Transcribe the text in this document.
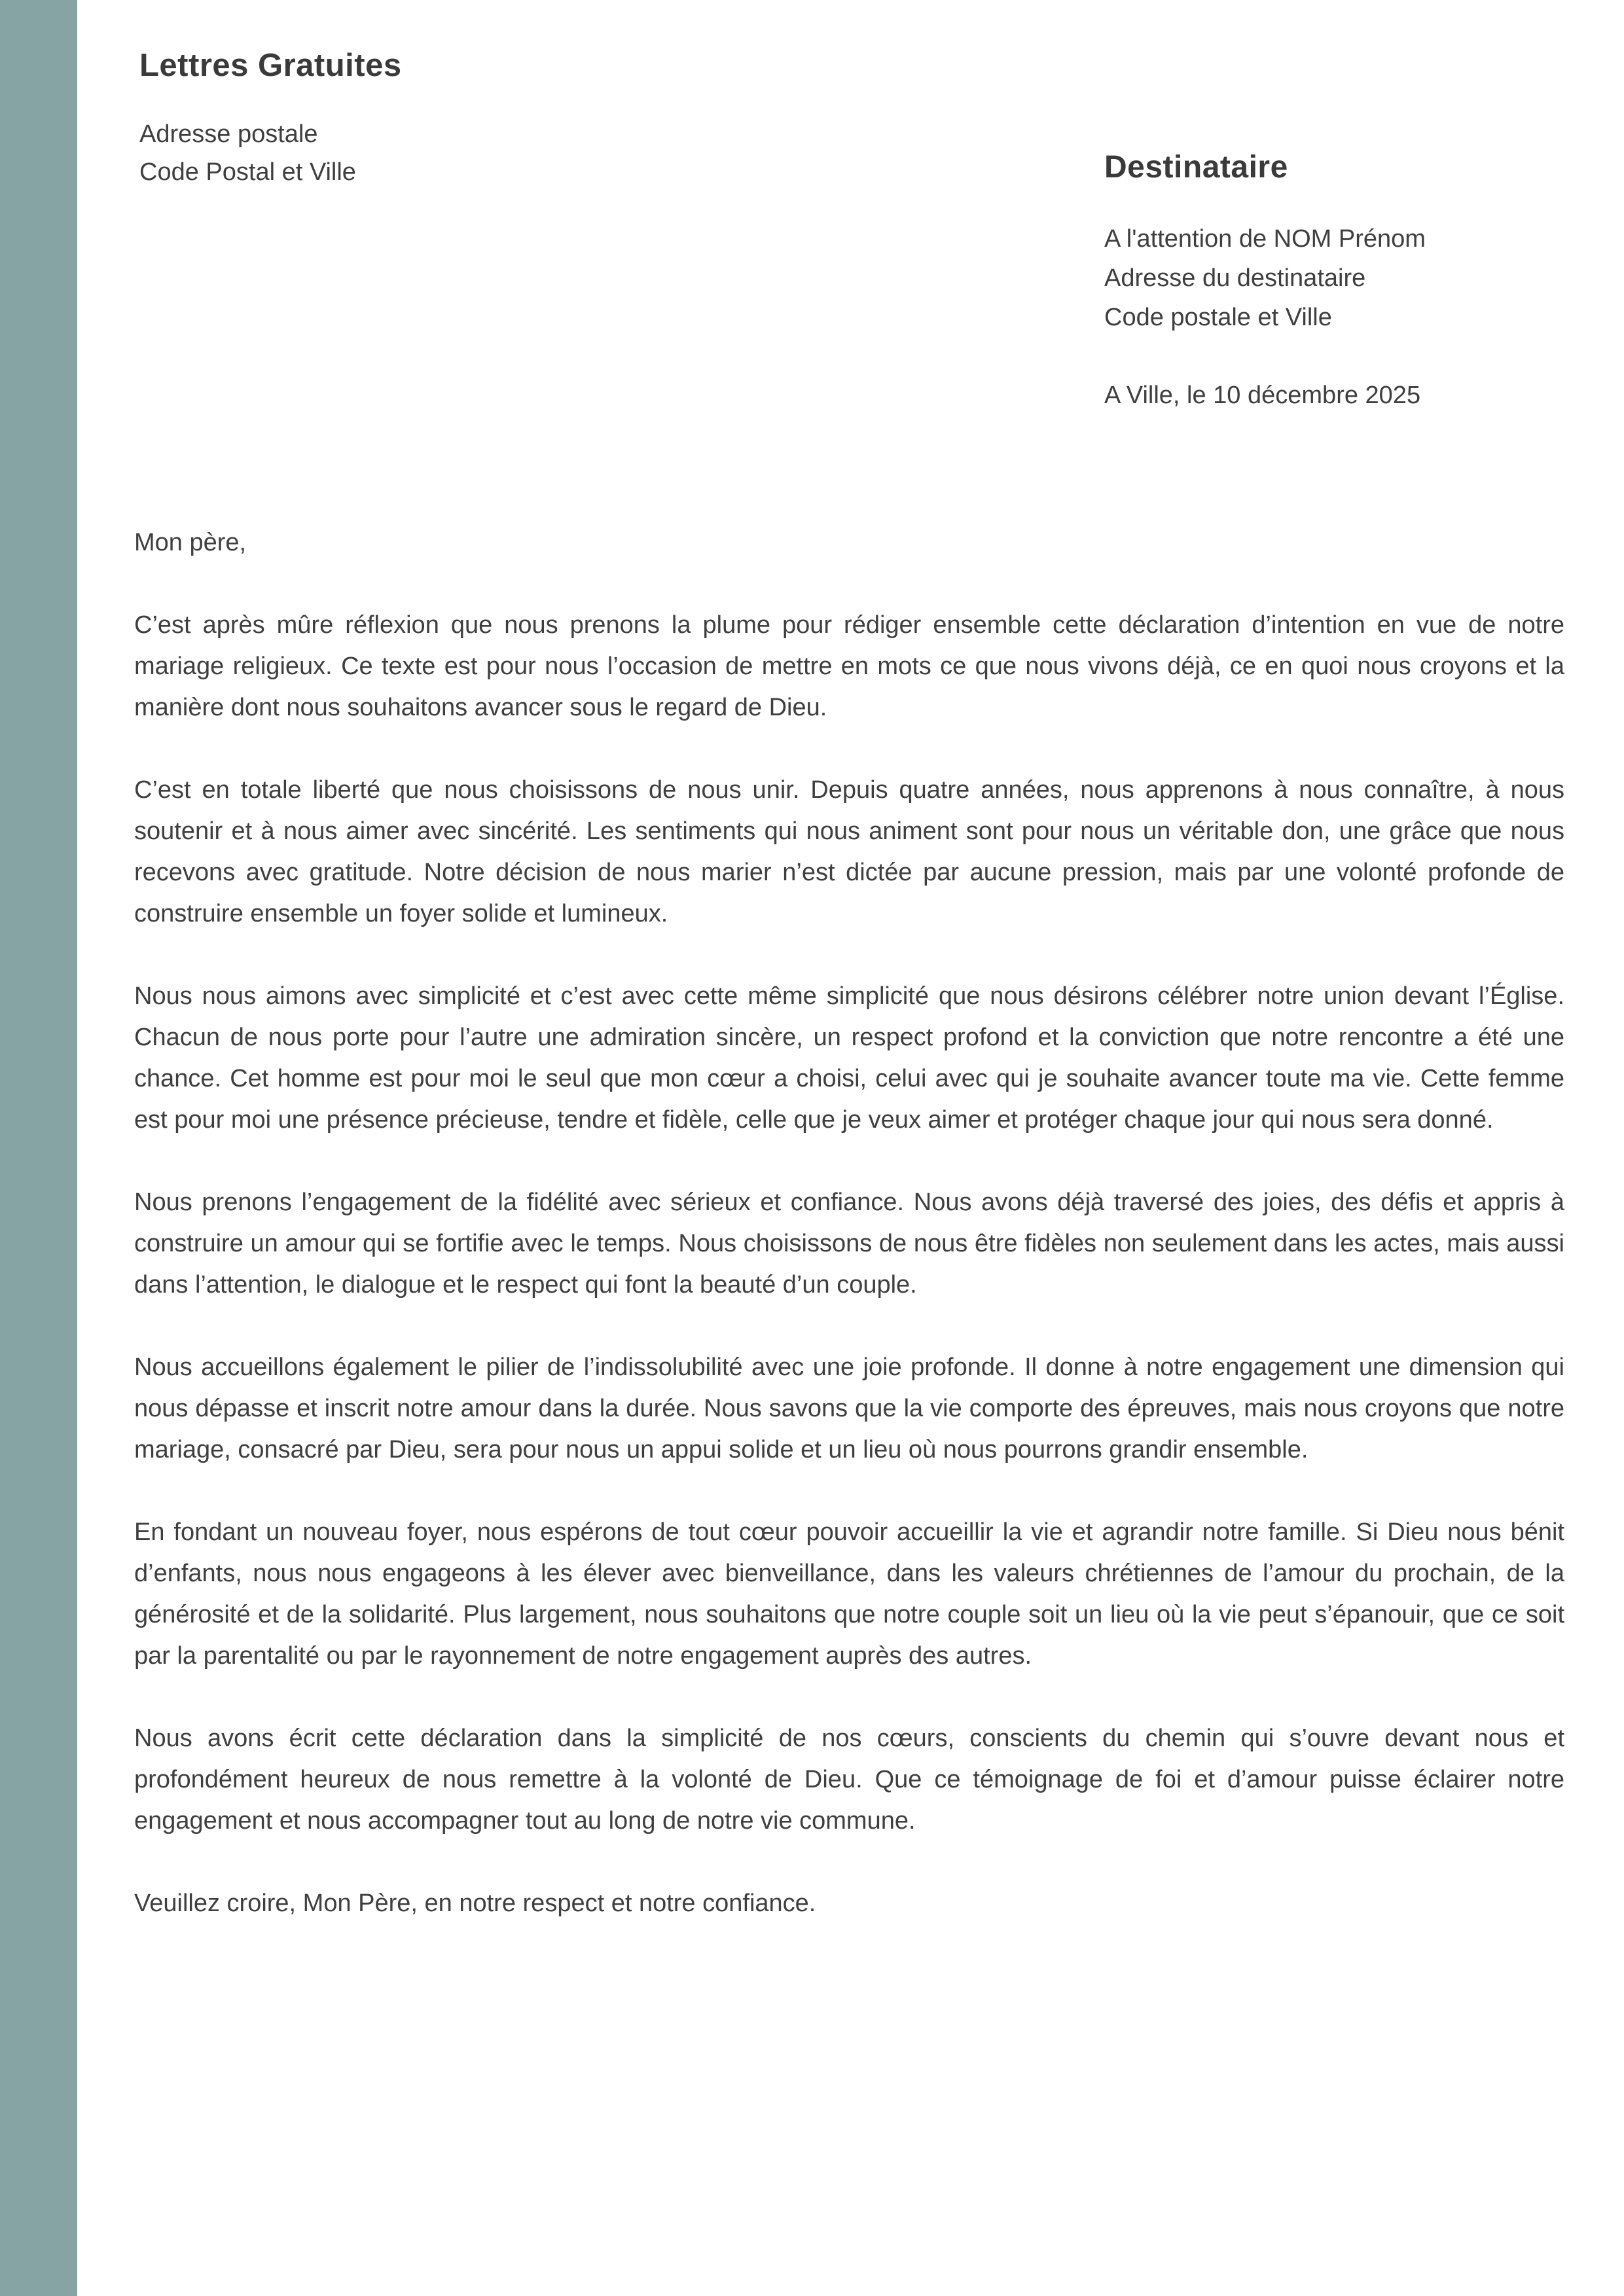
Lettres Gratuites

Adresse postale

Code Postal et Ville	Destinataire

A l'attention de NOM Prénom

Adresse du destinataire

Code postale et Ville

A Ville, le 10 décembre 2025

Mon père,

C’est après mûre réflexion que nous prenons la plume pour rédiger ensemble cette déclaration d’intention en vue de notre mariage religieux. Ce texte est pour nous l’occasion de mettre en mots ce que nous vivons déjà, ce en quoi nous croyons et la manière dont nous souhaitons avancer sous le regard de Dieu.

C’est en totale liberté que nous choisissons de nous unir. Depuis quatre années, nous apprenons à nous connaître, à nous soutenir et à nous aimer avec sincérité. Les sentiments qui nous animent sont pour nous un véritable don, une grâce que nous recevons avec gratitude. Notre décision de nous marier n’est dictée par aucune pression, mais par une volonté profonde de construire ensemble un foyer solide et lumineux.

Nous nous aimons avec simplicité et c’est avec cette même simplicité que nous désirons célébrer notre union devant l’Église. Chacun de nous porte pour l’autre une admiration sincère, un respect profond et la conviction que notre rencontre a été une chance. Cet homme est pour moi le seul que mon cœur a choisi, celui avec qui je souhaite avancer toute ma vie. Cette femme est pour moi une présence précieuse, tendre et fidèle, celle que je veux aimer et protéger chaque jour qui nous sera donné.

Nous prenons l’engagement de la fidélité avec sérieux et confiance. Nous avons déjà traversé des joies, des défis et appris à construire un amour qui se fortifie avec le temps. Nous choisissons de nous être fidèles non seulement dans les actes, mais aussi dans l’attention, le dialogue et le respect qui font la beauté d’un couple.

Nous accueillons également le pilier de l’indissolubilité avec une joie profonde. Il donne à notre engagement une dimension qui nous dépasse et inscrit notre amour dans la durée. Nous savons que la vie comporte des épreuves, mais nous croyons que notre mariage, consacré par Dieu, sera pour nous un appui solide et un lieu où nous pourrons grandir ensemble.

En fondant un nouveau foyer, nous espérons de tout cœur pouvoir accueillir la vie et agrandir notre famille. Si Dieu nous bénit d’enfants, nous nous engageons à les élever avec bienveillance, dans les valeurs chrétiennes de l’amour du prochain, de la générosité et de la solidarité. Plus largement, nous souhaitons que notre couple soit un lieu où la vie peut s’épanouir, que ce soit par la parentalité ou par le rayonnement de notre engagement auprès des autres.

Nous avons écrit cette déclaration dans la simplicité de nos cœurs, conscients du chemin qui s’ouvre devant nous et profondément heureux de nous remettre à la volonté de Dieu. Que ce témoignage de foi et d’amour puisse éclairer notre engagement et nous accompagner tout au long de notre vie commune.

Veuillez croire, Mon Père, en notre respect et notre confiance.
